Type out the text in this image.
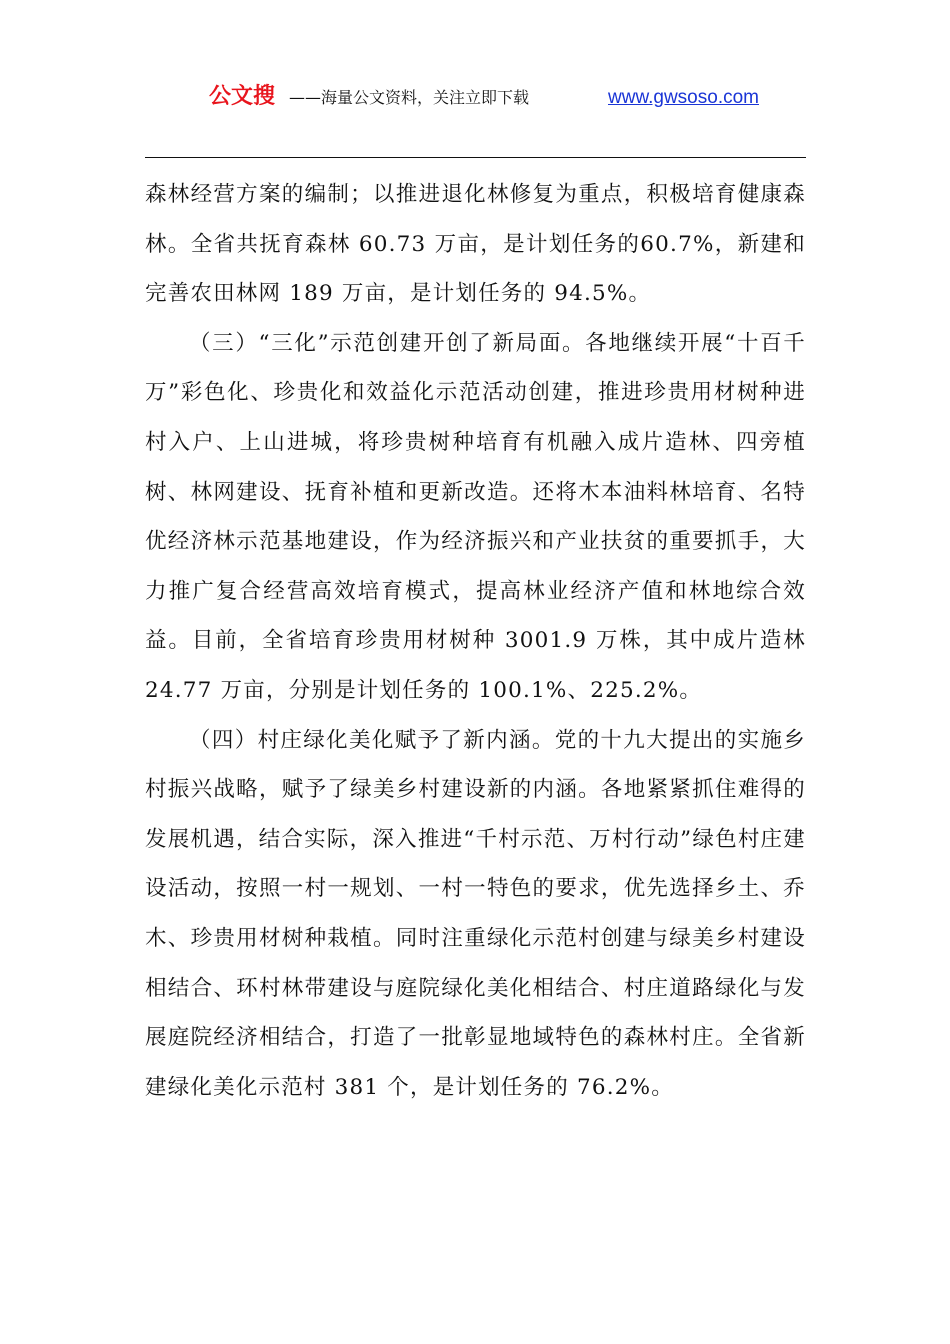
公文搜 ——海量公文资料，关注立即下载	www.gwsoso.com

森林经营方案的编制；以推进退化林修复为重点，积极培育健康森林。全省共抚育森林 60.73 万亩，是计划任务的60.7%，新建和完善农田林网 189 万亩，是计划任务的 94.5%。

（三）“三化”示范创建开创了新局面。各地继续开展“十百千万”彩色化、珍贵化和效益化示范活动创建，推进珍贵用材树种进村入户、上山进城，将珍贵树种培育有机融入成片造林、四旁植树、林网建设、抚育补植和更新改造。还将木本油料林培育、名特优经济林示范基地建设，作为经济振兴和产业扶贫的重要抓手，大力推广复合经营高效培育模式，提高林业经济产值和林地综合效益。目前，全省培育珍贵用材树种 3001.9 万株，其中成片造林 24.77 万亩，分别是计划任务的 100.1%、225.2%。

（四）村庄绿化美化赋予了新内涵。党的十九大提出的实施乡村振兴战略，赋予了绿美乡村建设新的内涵。各地紧紧抓住难得的发展机遇，结合实际，深入推进“千村示范、万村行动”绿色村庄建设活动，按照一村一规划、一村一特色的要求，优先选择乡土、乔木、珍贵用材树种栽植。同时注重绿化示范村创建与绿美乡村建设相结合、环村林带建设与庭院绿化美化相结合、村庄道路绿化与发展庭院经济相结合，打造了一批彰显地域特色的森林村庄。全省新建绿化美化示范村 381 个，是计划任务的 76.2%。
